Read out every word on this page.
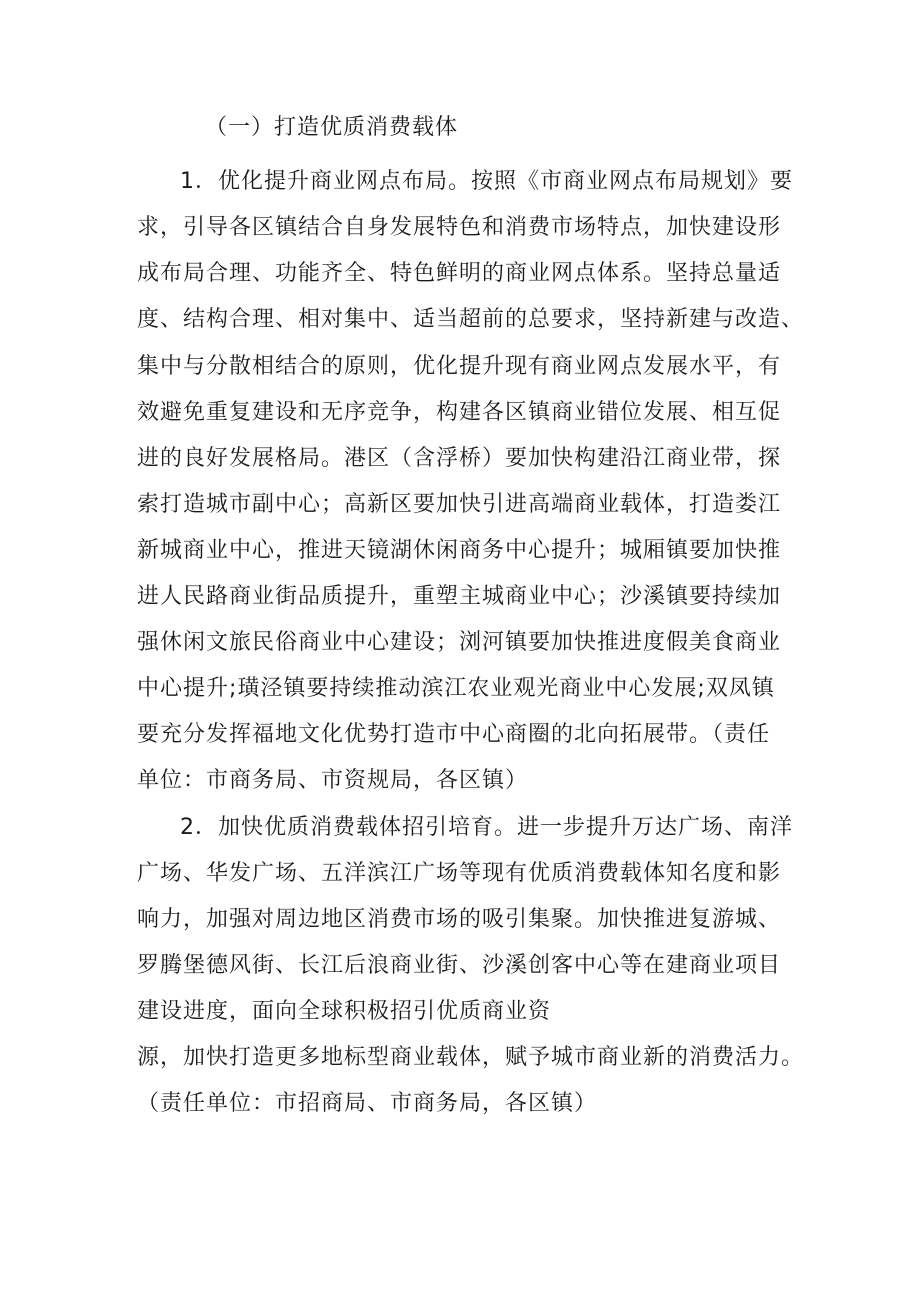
（一）打造优质消费载体

1．优化提升商业网点布局。按照《市商业网点布局规划》要

求，引导各区镇结合自身发展特色和消费市场特点，加快建设形

成布局合理、功能齐全、特色鲜明的商业网点体系。坚持总量适

度、结构合理、相对集中、适当超前的总要求，坚持新建与改造、

集中与分散相结合的原则，优化提升现有商业网点发展水平，有

效避免重复建设和无序竞争，构建各区镇商业错位发展、相互促

进的良好发展格局。港区（含浮桥）要加快构建沿江商业带，探

索打造城市副中心；高新区要加快引进高端商业载体，打造娄江

新城商业中心，推进天镜湖休闲商务中心提升；城厢镇要加快推

进人民路商业街品质提升，重塑主城商业中心；沙溪镇要持续加

强休闲文旅民俗商业中心建设；浏河镇要加快推进度假美食商业

中心提升;璜泾镇要持续推动滨江农业观光商业中心发展;双凤镇

要充分发挥福地文化优势打造市中心商圈的北向拓展带。（责任

单位：市商务局、市资规局，各区镇）

2．加快优质消费载体招引培育。进一步提升万达广场、南洋

广场、华发广场、五洋滨江广场等现有优质消费载体知名度和影

响力，加强对周边地区消费市场的吸引集聚。加快推进复游城、

罗腾堡德风街、长江后浪商业街、沙溪创客中心等在建商业项目

建设进度，面向全球积极招引优质商业资

源，加快打造更多地标型商业载体，赋予城市商业新的消费活力。

（责任单位：市招商局、市商务局，各区镇）
